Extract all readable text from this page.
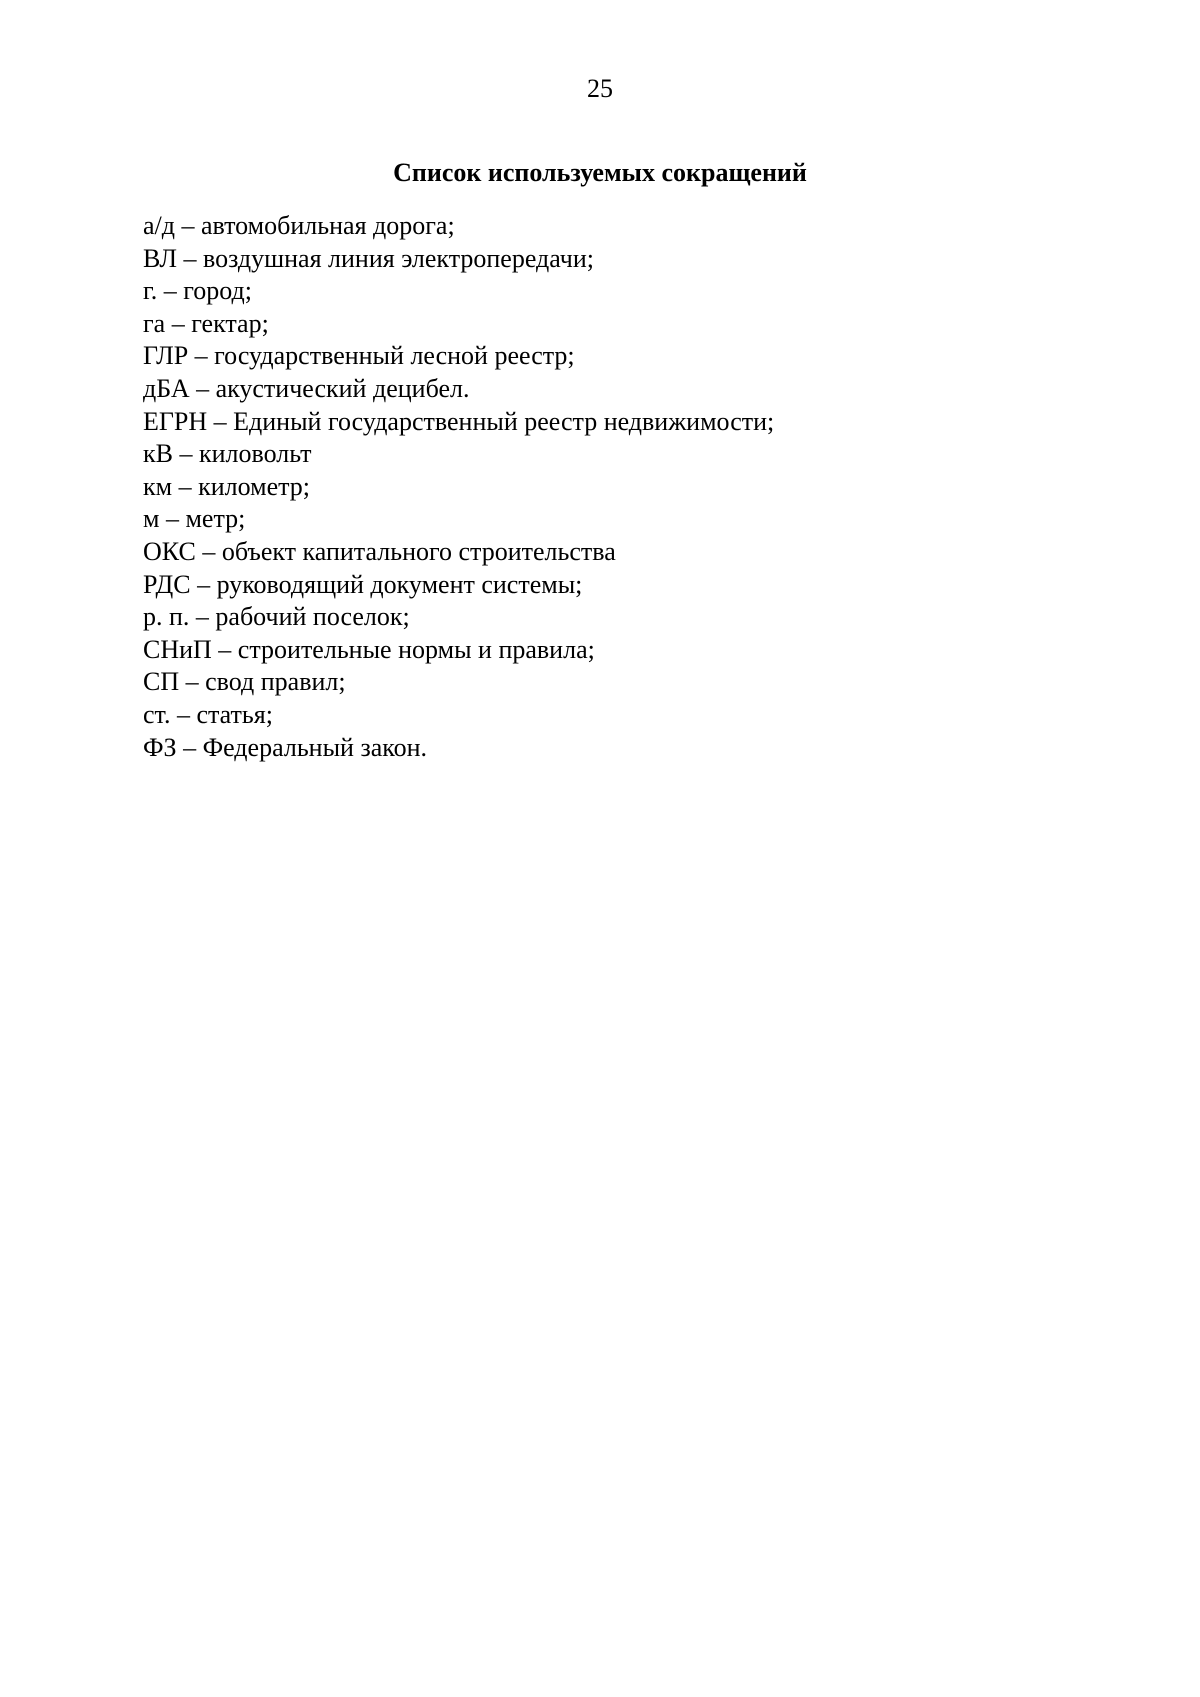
25
Список используемых сокращений
а/д – автомобильная дорога;
ВЛ – воздушная линия электропередачи;
г. – город;
га – гектар;
ГЛР – государственный лесной реестр;
дБА – акустический децибел.
ЕГРН – Единый государственный реестр недвижимости;
кВ – киловольт
км – километр;
м – метр;
ОКС – объект капитального строительства
РДС – руководящий документ системы;
р. п. – рабочий поселок;
СНиП – строительные нормы и правила;
СП – свод правил;
ст. – статья;
ФЗ – Федеральный закон.
